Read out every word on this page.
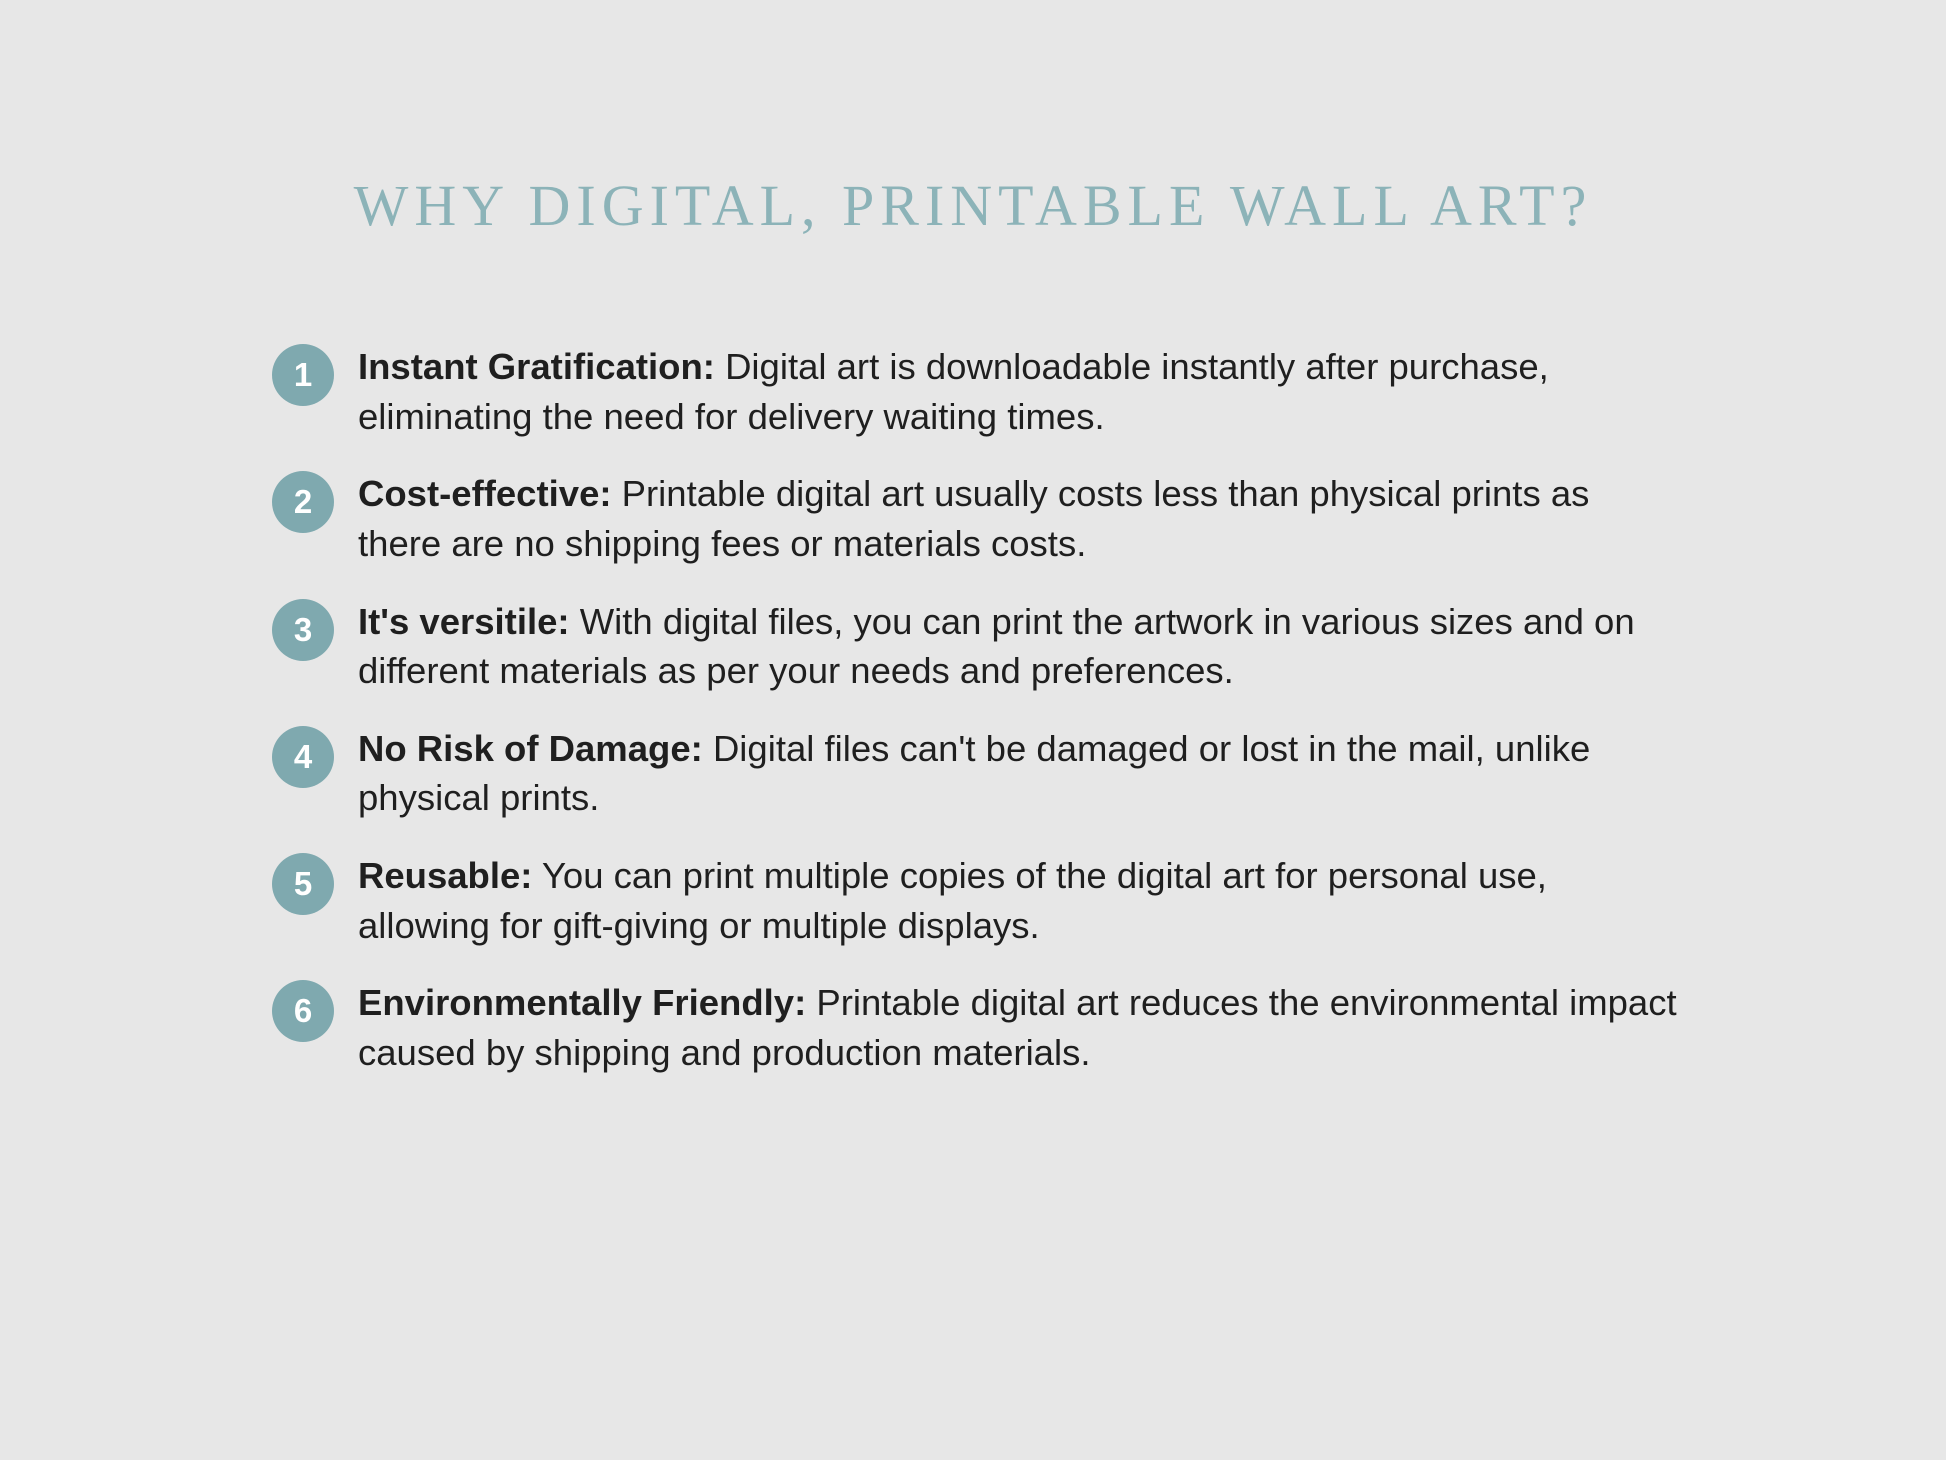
WHY DIGITAL, PRINTABLE WALL ART?
1	Instant Gratification: Digital art is downloadable instantly after purchase, eliminating the need for delivery waiting times.
2	Cost-effective: Printable digital art usually costs less than physical prints as there are no shipping fees or materials costs.
3	It's versitile: With digital files, you can print the artwork in various sizes and on different materials as per your needs and preferences.
4	No Risk of Damage: Digital files can't be damaged or lost in the mail, unlike physical prints.
5	Reusable: You can print multiple copies of the digital art for personal use, allowing for gift-giving or multiple displays.
6	Environmentally Friendly: Printable digital art reduces the environmental impact caused by shipping and production materials.
